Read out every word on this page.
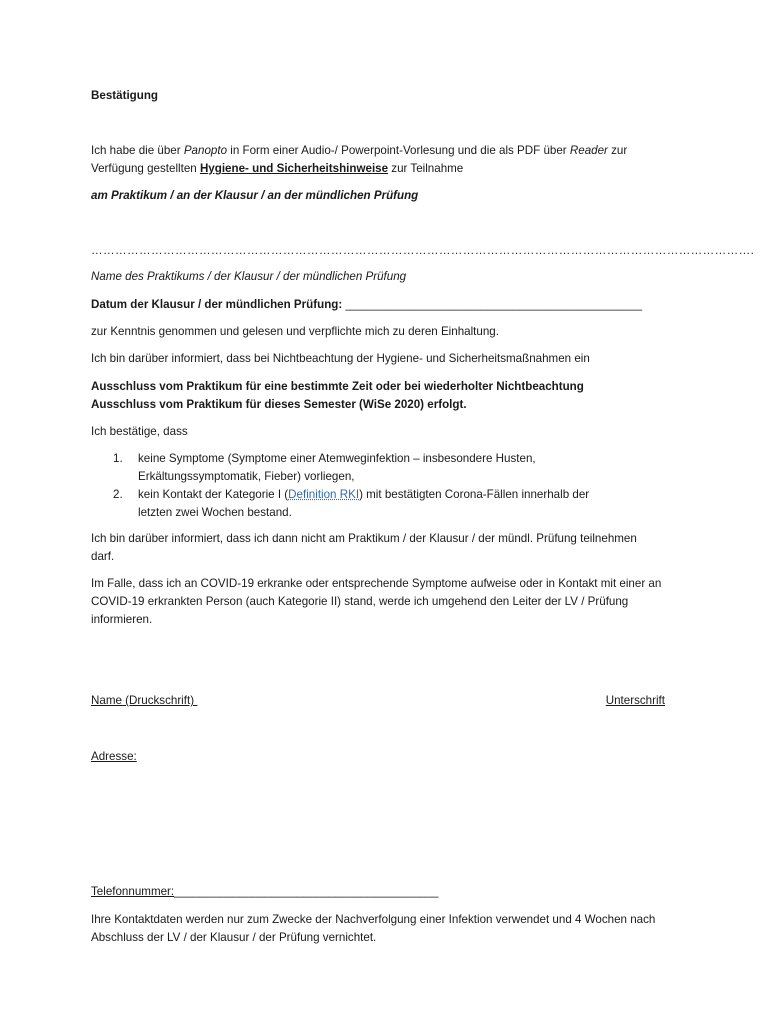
Bestätigung

Ich habe die über Panopto in Form einer Audio-/ Powerpoint-Vorlesung und die als PDF über Reader zur Verfügung gestellten Hygiene- und Sicherheitshinweise zur Teilnahme

am Praktikum / an der Klausur / an der mündlichen Prüfung

………………………………………………………………………………………………………………………………………………….

Name des Praktikums / der Klausur / der mündlichen Prüfung

Datum der Klausur / der mündlichen Prüfung: ______________________________________________

zur Kenntnis genommen und gelesen und verpflichte mich zu deren Einhaltung.

Ich bin darüber informiert, dass bei Nichtbeachtung der Hygiene- und Sicherheitsmaßnahmen ein

Ausschluss vom Praktikum für eine bestimmte Zeit oder bei wiederholter Nichtbeachtung

Ausschluss vom Praktikum für dieses Semester (WiSe 2020) erfolgt.

Ich bestätige, dass

1. keine Symptome (Symptome einer Atemweginfektion – insbesondere Husten,
Erkältungssymptomatik, Fieber) vorliegen,
2. kein Kontakt der Kategorie I (Definition RKI) mit bestätigten Corona-Fällen innerhalb der
letzten zwei Wochen bestand.

Ich bin darüber informiert, dass ich dann nicht am Praktikum / der Klausur / der mündl. Prüfung teilnehmen darf.

Im Falle, dass ich an COVID-19 erkranke oder entsprechende Symptome aufweise oder in Kontakt mit einer an COVID-19 erkrankten Person (auch Kategorie II) stand, werde ich umgehend den Leiter der LV / Prüfung informieren.

Name (Druckschrift)
	Unterschrift

Adresse:

Telefonnummer:_________________________________________

Ihre Kontaktdaten werden nur zum Zwecke der Nachverfolgung einer Infektion verwendet und 4 Wochen nach Abschluss der LV / der Klausur / der Prüfung vernichtet.
